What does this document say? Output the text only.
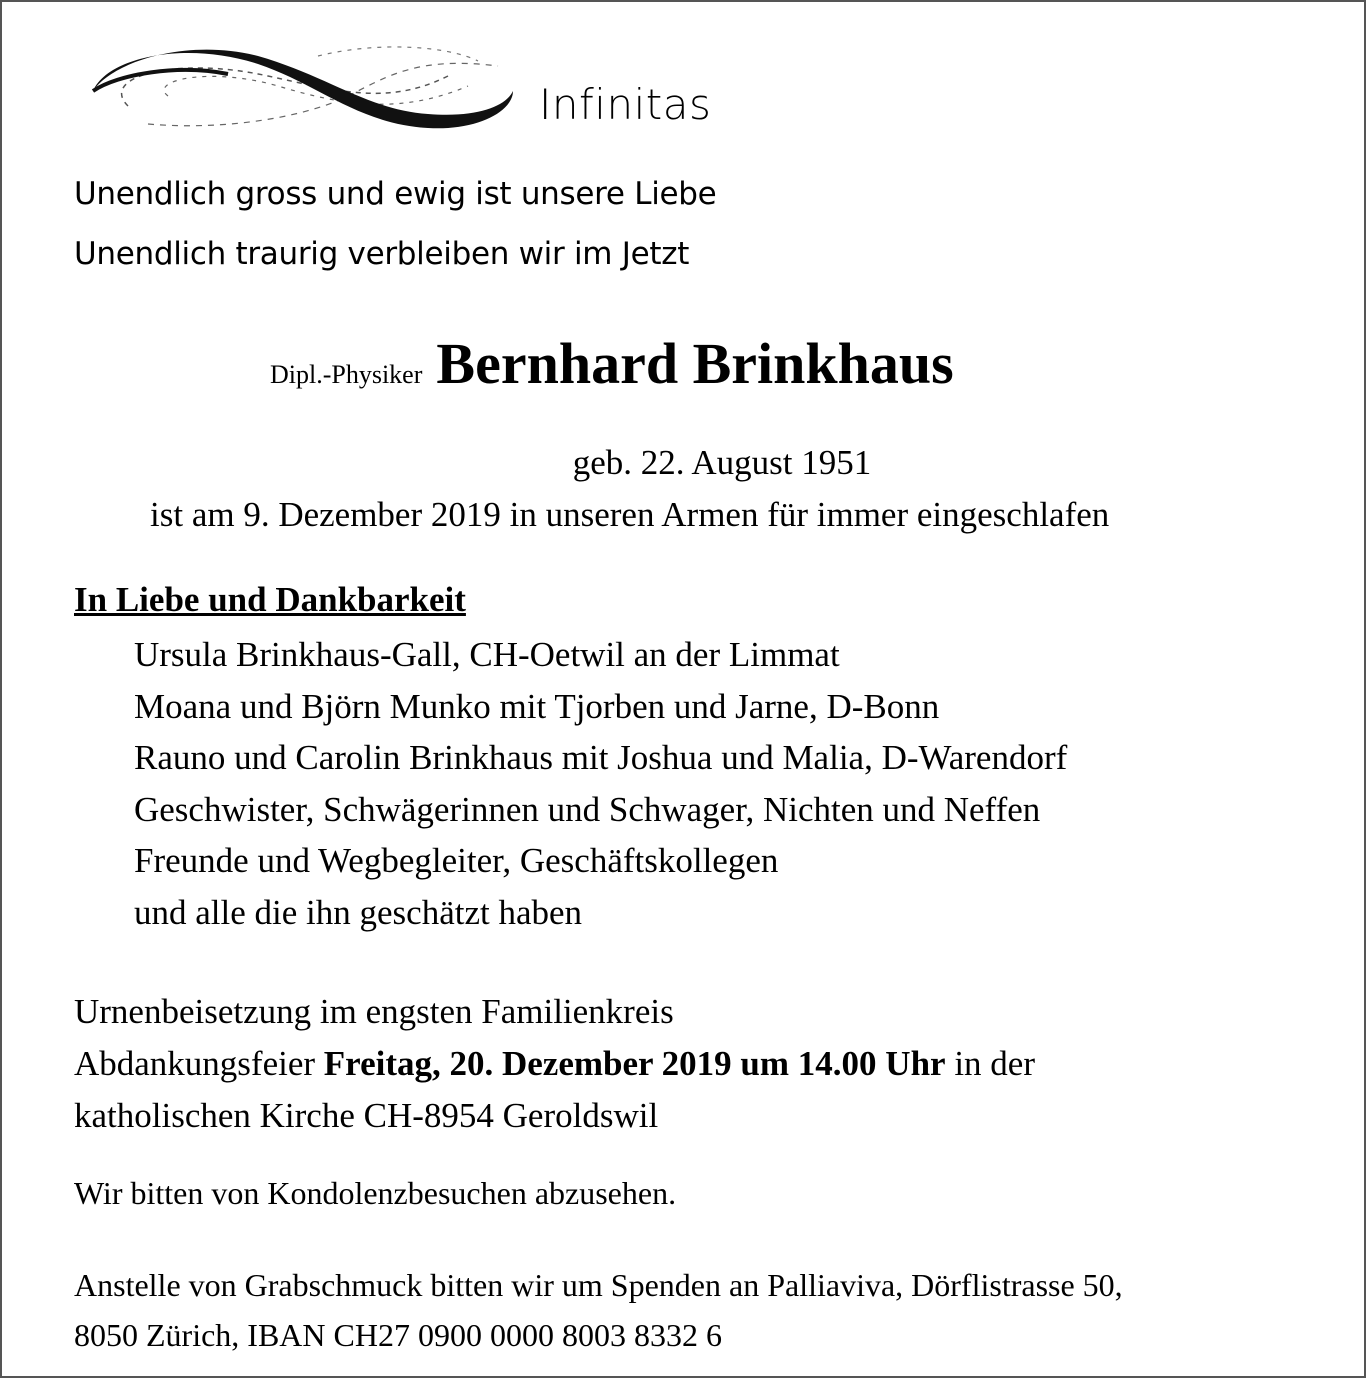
Infinitas
Unendlich gross und ewig ist unsere Liebe
Unendlich traurig verbleiben wir im Jetzt
Dipl.-Physiker Bernhard Brinkhaus
geb. 22. August 1951
ist am 9. Dezember 2019 in unseren Armen für immer eingeschlafen
In Liebe und Dankbarkeit
Ursula Brinkhaus-Gall, CH-Oetwil an der Limmat
Moana und Björn Munko mit Tjorben und Jarne, D-Bonn
Rauno und Carolin Brinkhaus mit Joshua und Malia, D-Warendorf
Geschwister, Schwägerinnen und Schwager, Nichten und Neffen
Freunde und Wegbegleiter, Geschäftskollegen
und alle die ihn geschätzt haben
Urnenbeisetzung im engsten Familienkreis
Abdankungsfeier Freitag, 20. Dezember 2019 um 14.00 Uhr in der
katholischen Kirche CH-8954 Geroldswil
Wir bitten von Kondolenzbesuchen abzusehen.
Anstelle von Grabschmuck bitten wir um Spenden an Palliaviva, Dörflistrasse 50,
8050 Zürich, IBAN CH27 0900 0000 8003 8332 6
